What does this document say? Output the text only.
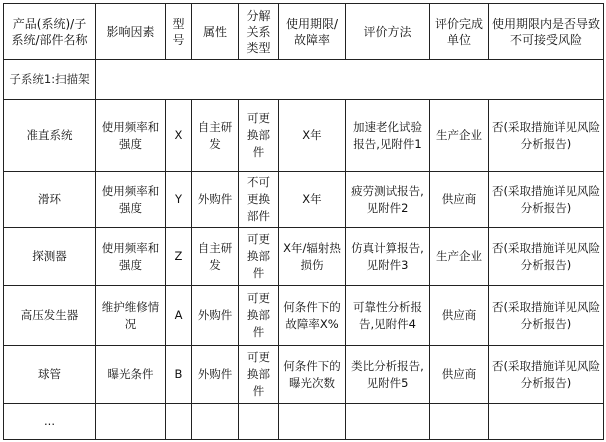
产品(系统)/子系统/部件名称	影响因素	型号	属性	分解关系类型	使用期限/故障率	评价方法	评价完成单位	使用期限内是否导致不可接受风险

子系统1:扫描架								

准直系统	使用频率和强度	X	自主研发	可更换部件	X年	加速老化试验报告,见附件1	生产企业	否(采取措施详见风险分析报告)

滑环	使用频率和强度	Y	外购件	不可更换部件	X年	疲劳测试报告,见附件2	供应商	否(采取措施详见风险分析报告)

探测器	使用频率和强度	Z	自主研发	可更换部件	X年/辐射热损伤	仿真计算报告,见附件3	生产企业	否(采取措施详见风险分析报告)

高压发生器	维护维修情况	A	外购件	可更换部件	何条件下的故障率X%	可靠性分析报告,见附件4	供应商	否(采取措施详见风险分析报告)

球管	曝光条件	B	外购件	可更换部件	何条件下的曝光次数	类比分析报告,见附件5	供应商	否(采取措施详见风险分析报告)

...								
